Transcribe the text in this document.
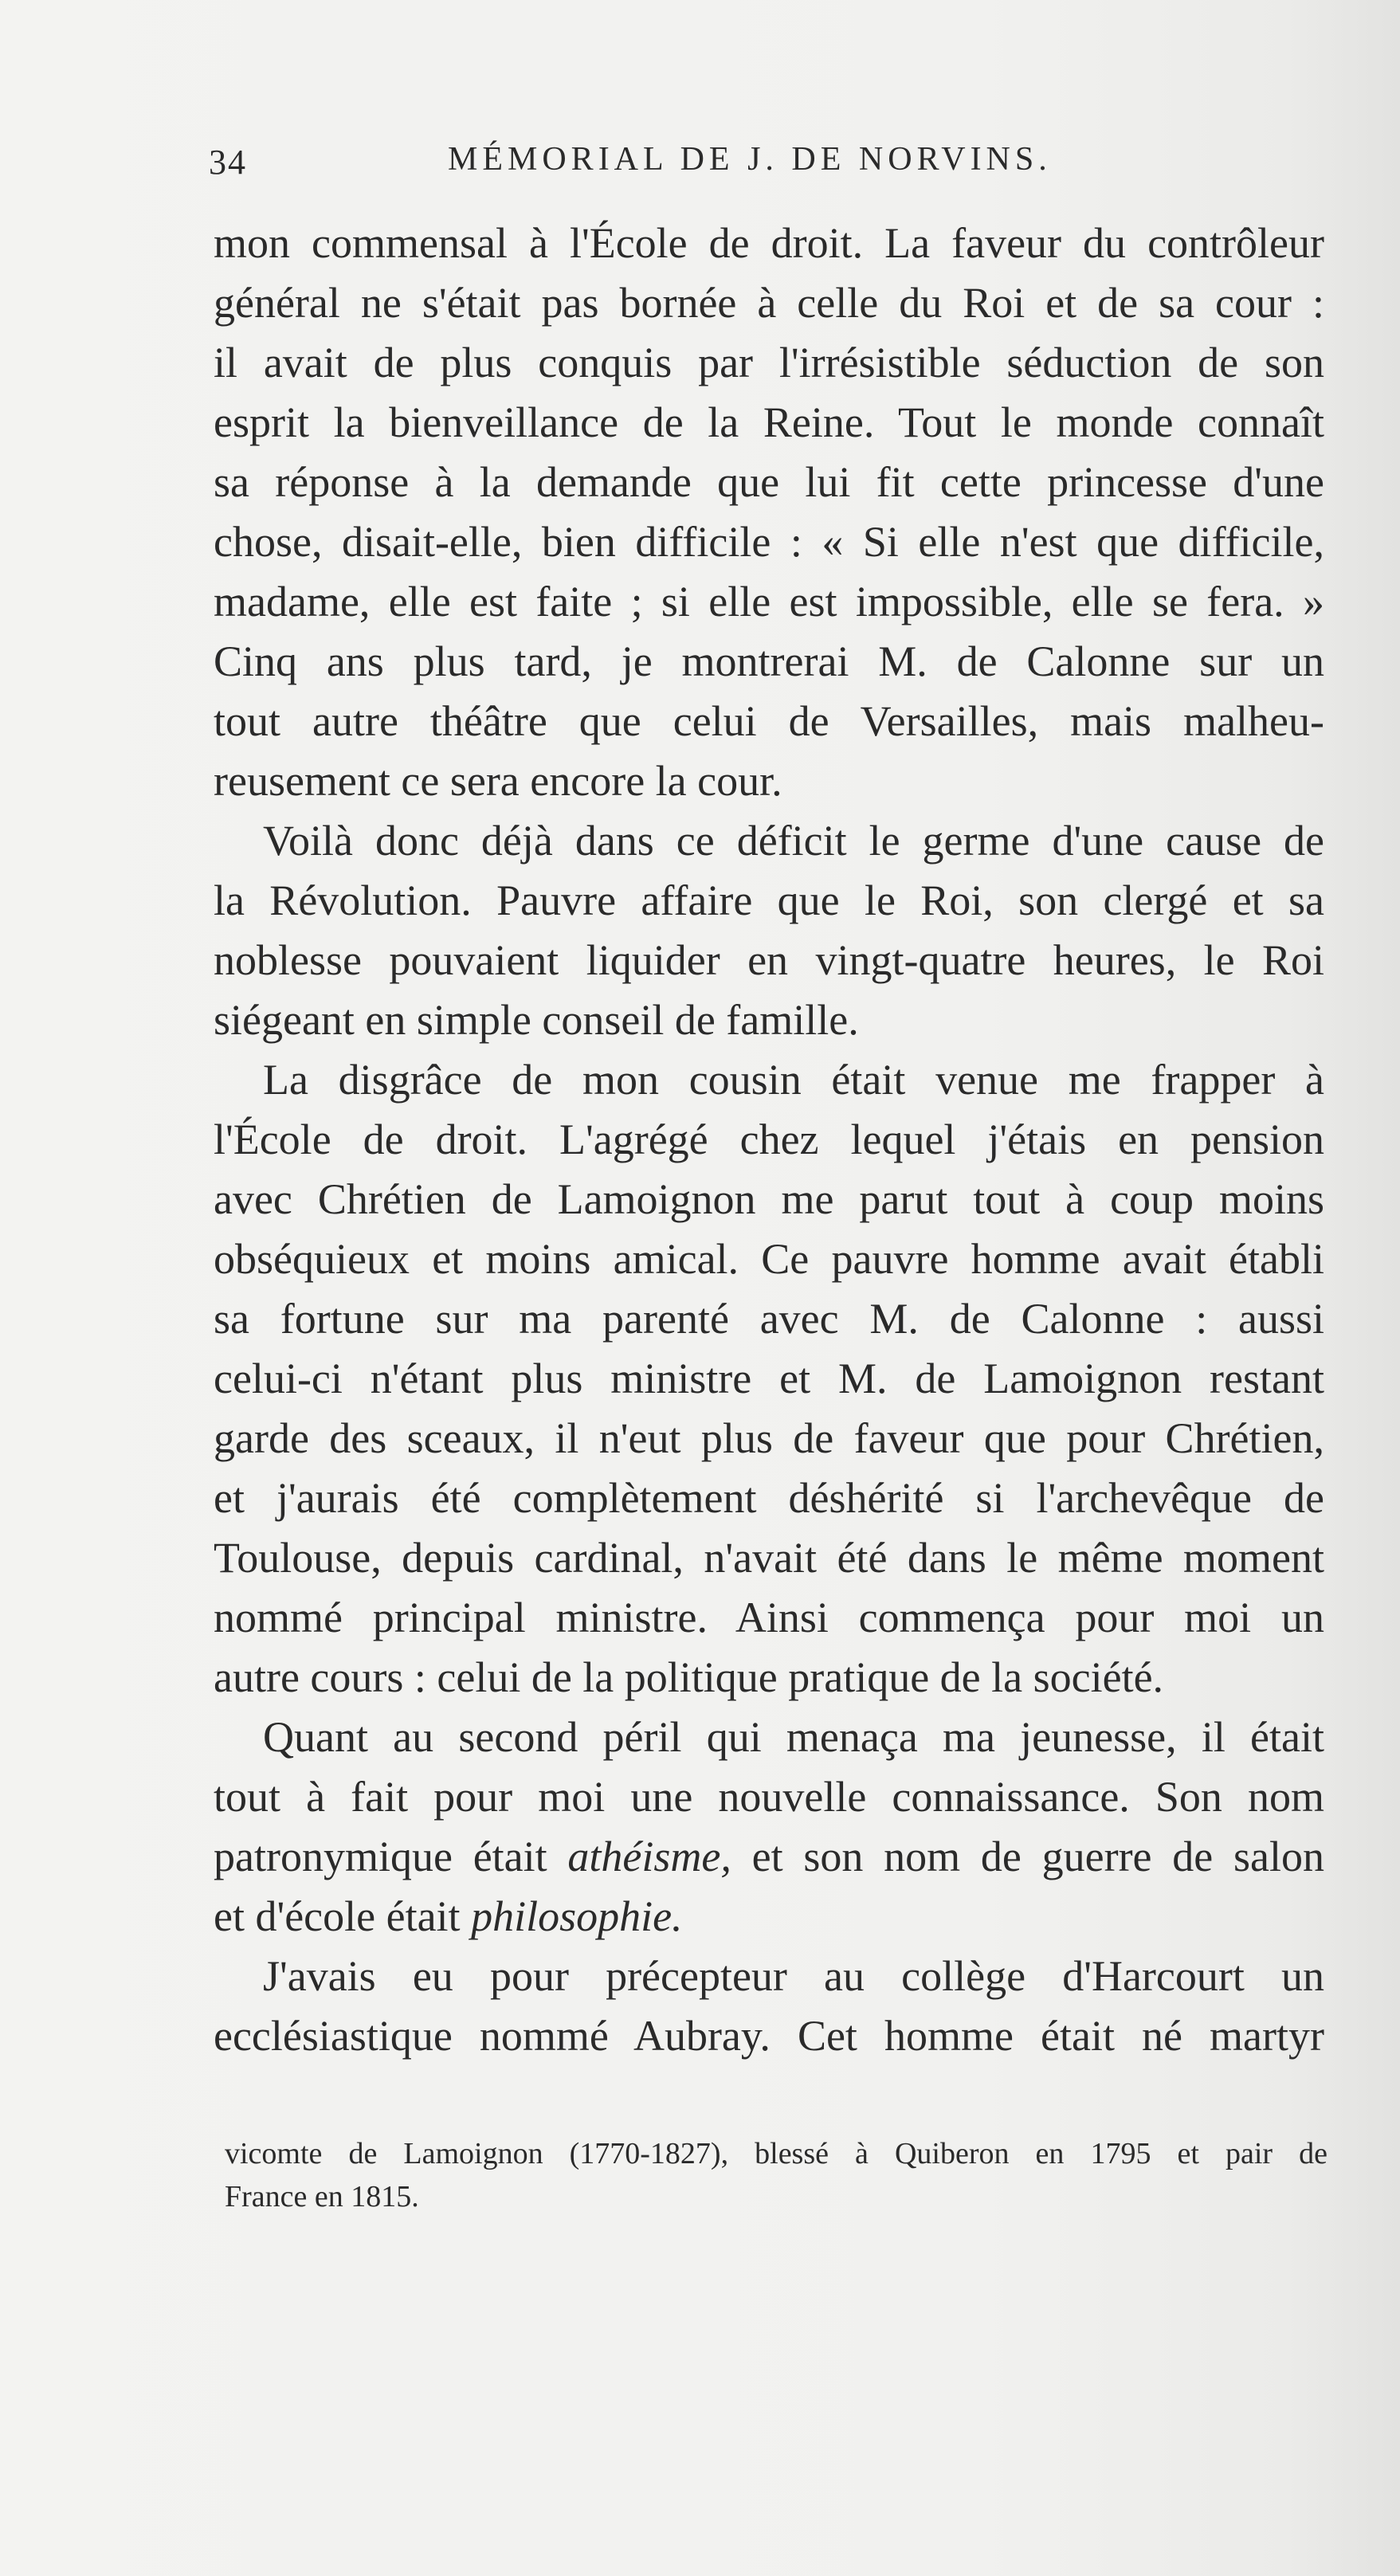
34	MÉMORIAL DE J. DE NORVINS.
mon commensal à l'École de droit. La faveur du contrôleur
général ne s'était pas bornée à celle du Roi et de sa cour :
il avait de plus conquis par l'irrésistible séduction de son
esprit la bienveillance de la Reine. Tout le monde connaît
sa réponse à la demande que lui fit cette princesse d'une
chose, disait-elle, bien difficile : « Si elle n'est que difficile,
madame, elle est faite ; si elle est impossible, elle se fera. »
Cinq ans plus tard, je montrerai M. de Calonne sur un
tout autre théâtre que celui de Versailles, mais malheu-
reusement ce sera encore la cour.
Voilà donc déjà dans ce déficit le germe d'une cause de
la Révolution. Pauvre affaire que le Roi, son clergé et sa
noblesse pouvaient liquider en vingt-quatre heures, le Roi
siégeant en simple conseil de famille.
La disgrâce de mon cousin était venue me frapper à
l'École de droit. L'agrégé chez lequel j'étais en pension
avec Chrétien de Lamoignon me parut tout à coup moins
obséquieux et moins amical. Ce pauvre homme avait établi
sa fortune sur ma parenté avec M. de Calonne : aussi
celui-ci n'étant plus ministre et M. de Lamoignon restant
garde des sceaux, il n'eut plus de faveur que pour Chrétien,
et j'aurais été complètement déshérité si l'archevêque de
Toulouse, depuis cardinal, n'avait été dans le même moment
nommé principal ministre. Ainsi commença pour moi un
autre cours : celui de la politique pratique de la société.
Quant au second péril qui menaça ma jeunesse, il était
tout à fait pour moi une nouvelle connaissance. Son nom
patronymique était athéisme, et son nom de guerre de salon
et d'école était philosophie.
J'avais eu pour précepteur au collège d'Harcourt un
ecclésiastique nommé Aubray. Cet homme était né martyr
vicomte de Lamoignon (1770-1827), blessé à Quiberon en 1795 et pair de
France en 1815.
